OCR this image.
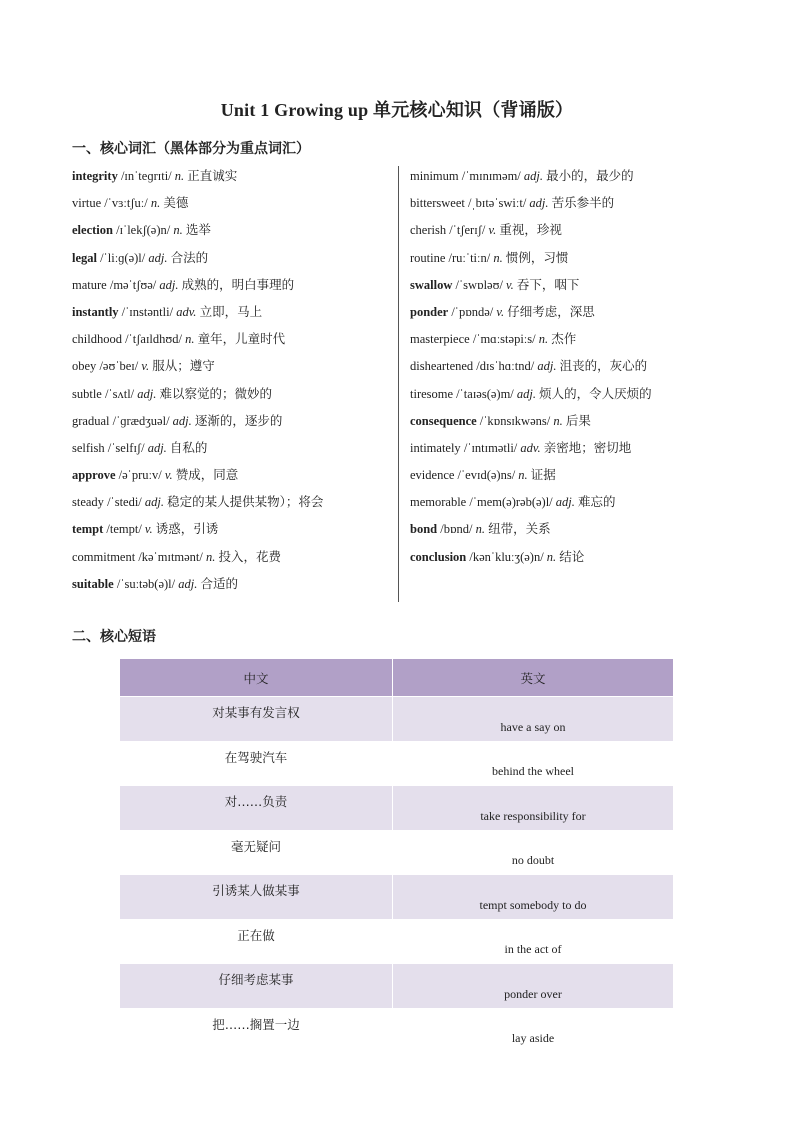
Unit 1 Growing up 单元核心知识（背诵版）
一、核心词汇（黑体部分为重点词汇）
integrity /ɪnˈteɡrɪti/ n. 正直诚实
virtue /ˈvɜːtʃuː/ n. 美德
election /ɪˈlekʃ(ə)n/ n. 选举
legal /ˈliːɡ(ə)l/ adj. 合法的
mature /məˈtʃʊə/ adj. 成熟的，明白事理的
instantly /ˈɪnstəntli/ adv. 立即，马上
childhood /ˈtʃaɪldhʊd/ n. 童年，儿童时代
obey /əʊˈbeɪ/ v. 服从；遵守
subtle /ˈsʌtl/ adj. 难以察觉的；微妙的
gradual /ˈɡrædʒuəl/ adj. 逐渐的，逐步的
selfish /ˈselfɪʃ/ adj. 自私的
approve /əˈpruːv/ v. 赞成，同意
steady /ˈstedi/ adj. 稳定的某人提供某物）；将会
tempt /tempt/ v. 诱惑，引诱
commitment /kəˈmɪtmənt/ n. 投入，花费
suitable /ˈsuːtəb(ə)l/ adj. 合适的
minimum /ˈmɪnɪməm/ adj. 最小的，最少的
bittersweet /ˌbɪtəˈswiːt/ adj. 苦乐参半的
cherish /ˈtʃerɪʃ/ v. 重视，珍视
routine /ruːˈtiːn/ n. 惯例，习惯
swallow /ˈswɒləʊ/ v. 吞下，咽下
ponder /ˈpɒndə/ v. 仔细考虑，深思
masterpiece /ˈmɑːstəpiːs/ n. 杰作
disheartened /dɪsˈhɑːtnd/ adj. 沮丧的，灰心的
tiresome /ˈtaɪəs(ə)m/ adj. 烦人的，令人厌烦的
consequence /ˈkɒnsɪkwəns/ n. 后果
intimately /ˈɪntɪmətli/ adv. 亲密地；密切地
evidence /ˈevɪd(ə)ns/ n. 证据
memorable /ˈmem(ə)rəb(ə)l/ adj. 难忘的
bond /bɒnd/ n. 纽带，关系
conclusion /kənˈkluːʒ(ə)n/ n. 结论
二、核心短语
中文	英文
对某事有发言权	have a say on
在驾驶汽车	behind the wheel
对……负责	take responsibility for
毫无疑问	no doubt
引诱某人做某事	tempt somebody to do
正在做	in the act of
仔细考虑某事	ponder over
把……搁置一边	lay aside
